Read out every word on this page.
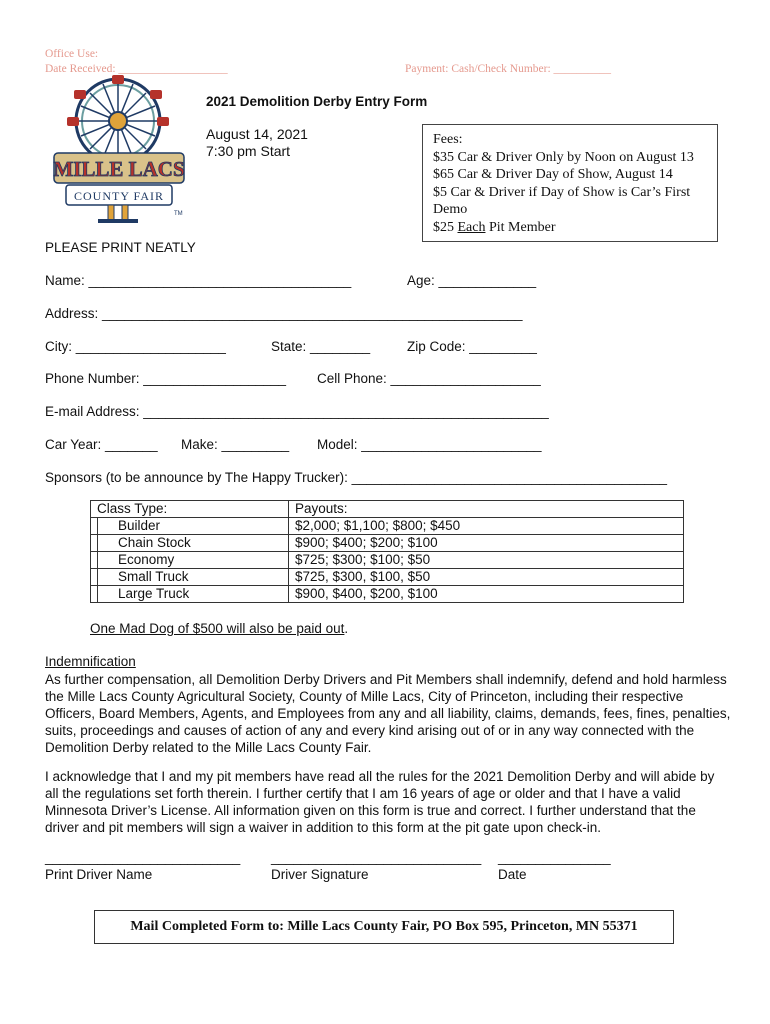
Office Use:
Date Received: ___________________	Payment: Cash/Check Number: __________
MILLE LACS
COUNTY FAIR
TM
2021 Demolition Derby Entry Form
August 14, 2021
7:30 pm Start
Fees:
$35 Car & Driver Only by Noon on August 13
$65 Car & Driver Day of Show, August 14
$5 Car & Driver if Day of Show is Car’s First
Demo
$25 Each Pit Member
PLEASE PRINT NEATLY
Name: ___________________________________	Age: _____________
Address: ________________________________________________________
City: ____________________	State: ________	Zip Code: _________
Phone Number: ___________________ Cell Phone: ____________________
E-mail Address: ______________________________________________________
Car Year: _______ Make: _________ Model: ________________________
Sponsors (to be announce by The Happy Trucker): __________________________________________
Class Type:		Payouts:
	Builder	$2,000; $1,100; $800; $450
	Chain Stock	$900; $400; $200; $100
	Economy	$725; $300; $100; $50
	Small Truck	$725, $300, $100, $50
	Large Truck	$900, $400, $200, $100
One Mad Dog of $500 will also be paid out.
Indemnification
As further compensation, all Demolition Derby Drivers and Pit Members shall indemnify, defend and hold harmless the Mille Lacs County Agricultural Society, County of Mille Lacs, City of Princeton, including their respective Officers, Board Members, Agents, and Employees from any and all liability, claims, demands, fees, fines, penalties, suits, proceedings and causes of action of any and every kind arising out of or in any way connected with the Demolition Derby related to the Mille Lacs County Fair.
I acknowledge that I and my pit members have read all the rules for the 2021 Demolition Derby and will abide by all the regulations set forth therein. I further certify that I am 16 years of age or older and that I have a valid Minnesota Driver’s License. All information given on this form is true and correct. I further understand that the driver and pit members will sign a waiver in addition to this form at the pit gate upon check-in.
__________________________ ____________________________ _______________
Print Driver Name	Driver Signature	Date
Mail Completed Form to: Mille Lacs County Fair, PO Box 595, Princeton, MN 55371
